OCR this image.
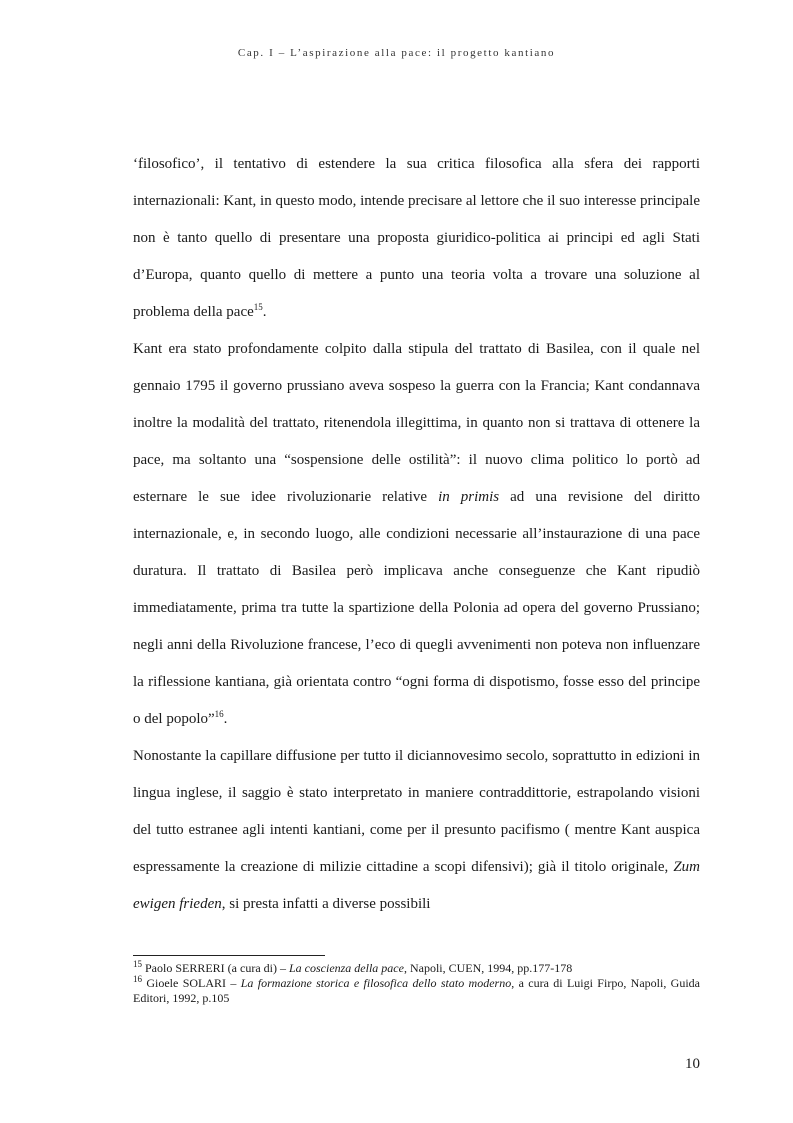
Cap. I – L’aspirazione alla pace: il progetto kantiano

‘filosofico’, il tentativo di estendere la sua critica filosofica alla sfera dei rapporti internazionali: Kant, in questo modo, intende precisare al lettore che il suo interesse principale non è tanto quello di presentare una proposta giuridico-politica ai principi ed agli Stati d’Europa, quanto quello di mettere a punto una teoria volta a trovare una soluzione al problema della pace$^{15}$.

Kant era stato profondamente colpito dalla stipula del trattato di Basilea, con il quale nel gennaio 1795 il governo prussiano aveva sospeso la guerra con la Francia; Kant condannava inoltre la modalità del trattato, ritenendola illegittima, in quanto non si trattava di ottenere la pace, ma soltanto una “sospensione delle ostilità”: il nuovo clima politico lo portò ad esternare le sue idee rivoluzionarie relative in primis ad una revisione del diritto internazionale, e, in secondo luogo, alle condizioni necessarie all’instaurazione di una pace duratura. Il trattato di Basilea però implicava anche conseguenze che Kant ripudiò immediatamente, prima tra tutte la spartizione della Polonia ad opera del governo Prussiano; negli anni della Rivoluzione francese, l’eco di quegli avvenimenti non poteva non influenzare la riflessione kantiana, già orientata contro “ogni forma di dispotismo, fosse esso del principe o del popolo”$^{16}$.

Nonostante la capillare diffusione per tutto il diciannovesimo secolo, soprattutto in edizioni in lingua inglese, il saggio è stato interpretato in maniere contraddittorie, estrapolando visioni del tutto estranee agli intenti kantiani, come per il presunto pacifismo ( mentre Kant auspica espressamente la creazione di milizie cittadine a scopi difensivi); già il titolo originale, Zum ewigen frieden, si presta infatti a diverse possibili

$^{15}$ Paolo SERRERI (a cura di) – La coscienza della pace, Napoli, CUEN, 1994, pp.177-178

$^{16}$ Gioele SOLARI – La formazione storica e filosofica dello stato moderno, a cura di Luigi Firpo, Napoli, Guida Editori, 1992, p.105

10
